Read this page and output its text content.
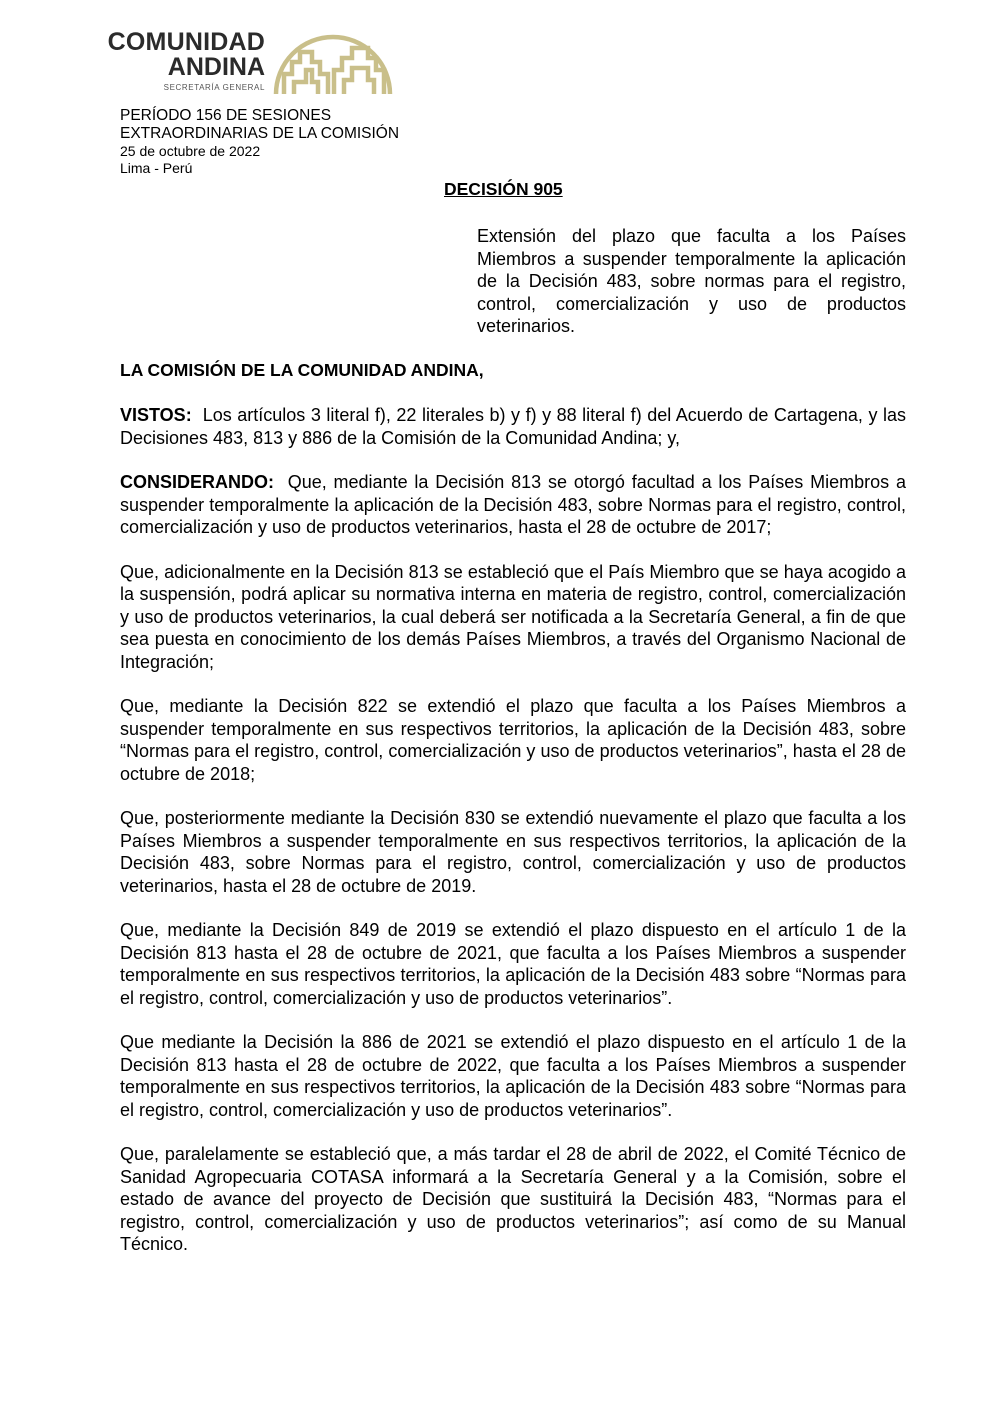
COMUNIDAD
ANDINA
SECRETARÍA GENERAL
PERÍODO 156 DE SESIONES
EXTRAORDINARIAS DE LA COMISIÓN
25 de octubre de 2022
Lima - Perú
DECISIÓN 905
Extensión del plazo que faculta a los Países Miembros a suspender temporalmente la aplicación de la Decisión 483, sobre normas para el registro, control, comercialización y uso de productos veterinarios.
LA COMISIÓN DE LA COMUNIDAD ANDINA,

VISTOS: Los artículos 3 literal f), 22 literales b) y f) y 88 literal f) del Acuerdo de Cartagena, y las Decisiones 483, 813 y 886 de la Comisión de la Comunidad Andina; y,

CONSIDERANDO: Que, mediante la Decisión 813 se otorgó facultad a los Países Miembros a suspender temporalmente la aplicación de la Decisión 483, sobre Normas para el registro, control, comercialización y uso de productos veterinarios, hasta el 28 de octubre de 2017;

Que, adicionalmente en la Decisión 813 se estableció que el País Miembro que se haya acogido a la suspensión, podrá aplicar su normativa interna en materia de registro, control, comercialización y uso de productos veterinarios, la cual deberá ser notificada a la Secretaría General, a fin de que sea puesta en conocimiento de los demás Países Miembros, a través del Organismo Nacional de Integración;

Que, mediante la Decisión 822 se extendió el plazo que faculta a los Países Miembros a suspender temporalmente en sus respectivos territorios, la aplicación de la Decisión 483, sobre “Normas para el registro, control, comercialización y uso de productos veterinarios”, hasta el 28 de octubre de 2018;

Que, posteriormente mediante la Decisión 830 se extendió nuevamente el plazo que faculta a los Países Miembros a suspender temporalmente en sus respectivos territorios, la aplicación de la Decisión 483, sobre Normas para el registro, control, comercialización y uso de productos veterinarios, hasta el 28 de octubre de 2019.

Que, mediante la Decisión 849 de 2019 se extendió el plazo dispuesto en el artículo 1 de la Decisión 813 hasta el 28 de octubre de 2021, que faculta a los Países Miembros a suspender temporalmente en sus respectivos territorios, la aplicación de la Decisión 483 sobre “Normas para el registro, control, comercialización y uso de productos veterinarios”.

Que mediante la Decisión la 886 de 2021 se extendió el plazo dispuesto en el artículo 1 de la Decisión 813 hasta el 28 de octubre de 2022, que faculta a los Países Miembros a suspender temporalmente en sus respectivos territorios, la aplicación de la Decisión 483 sobre “Normas para el registro, control, comercialización y uso de productos veterinarios”.

Que, paralelamente se estableció que, a más tardar el 28 de abril de 2022, el Comité Técnico de Sanidad Agropecuaria COTASA informará a la Secretaría General y a la Comisión, sobre el estado de avance del proyecto de Decisión que sustituirá la Decisión 483, “Normas para el registro, control, comercialización y uso de productos veterinarios”; así como de su Manual Técnico.
